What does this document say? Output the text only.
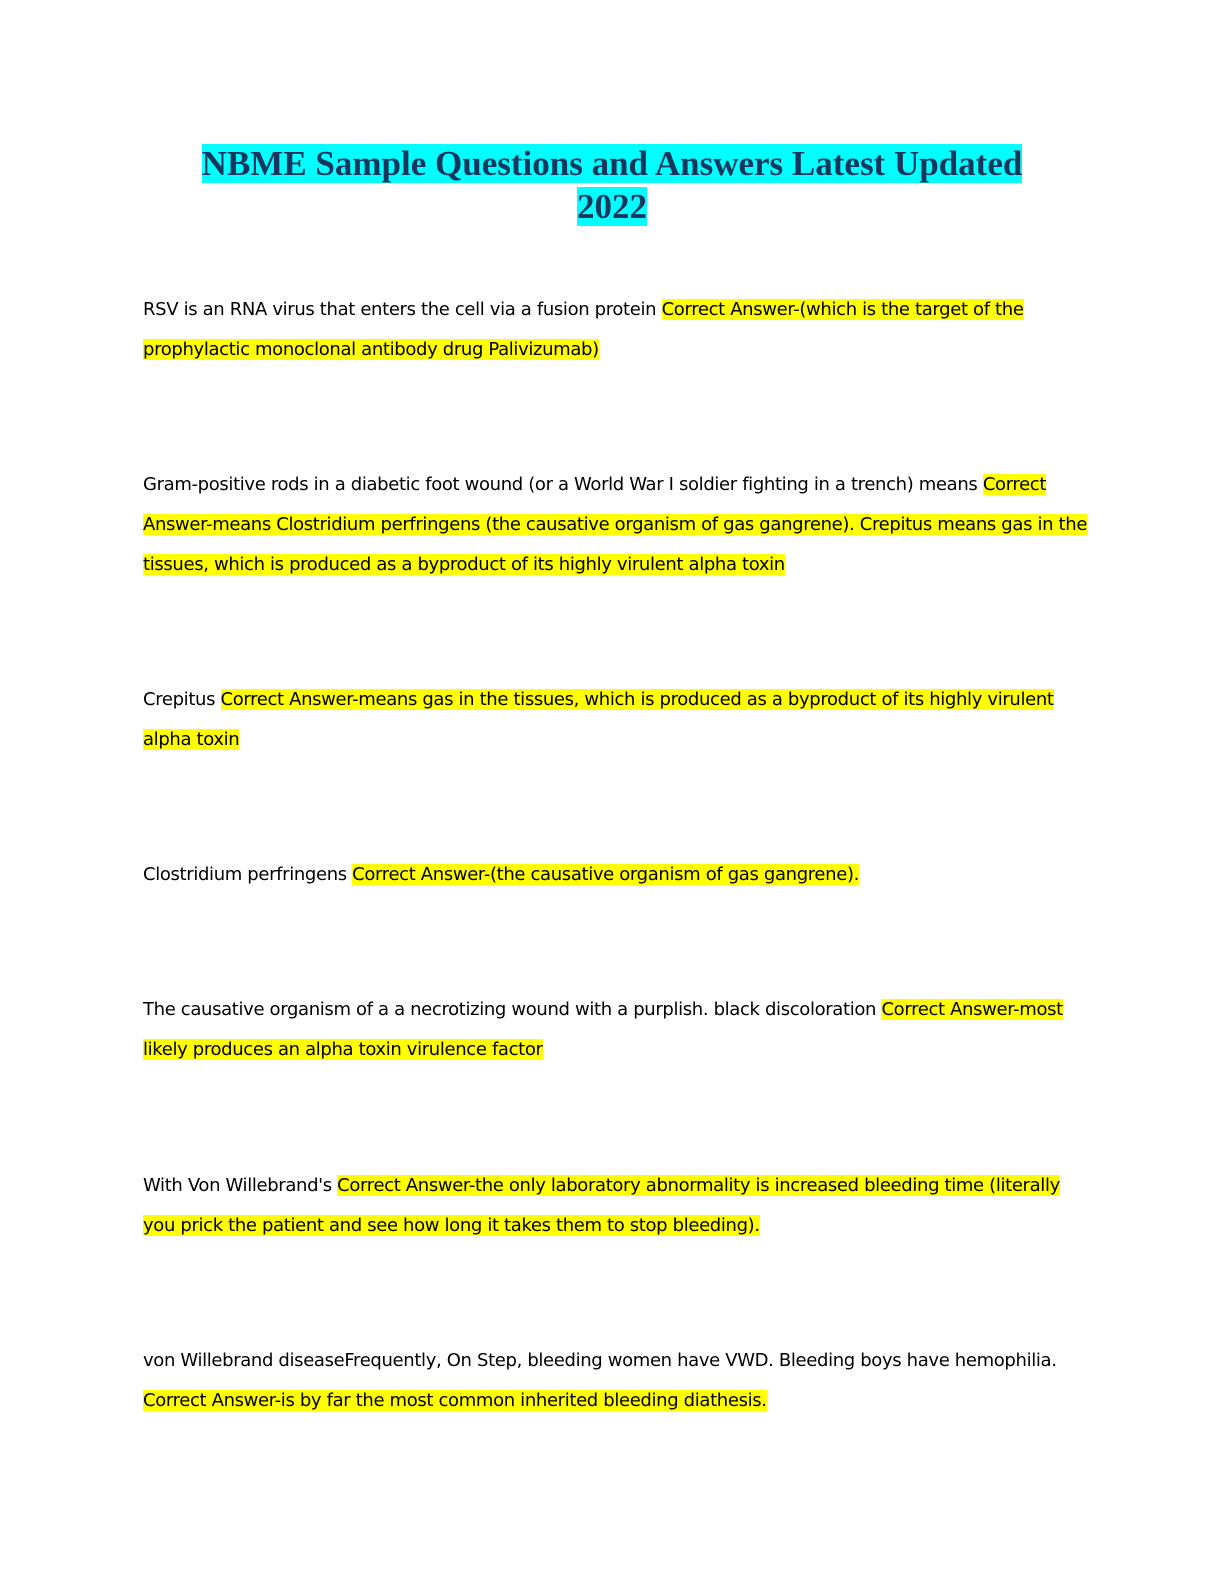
NBME Sample Questions and Answers Latest Updated
2022

RSV is an RNA virus that enters the cell via a fusion protein Correct Answer-(which is the target of the prophylactic monoclonal antibody drug Palivizumab)

Gram-positive rods in a diabetic foot wound (or a World War I soldier fighting in a trench) means Correct Answer-means Clostridium perfringens (the causative organism of gas gangrene). Crepitus means gas in the tissues, which is produced as a byproduct of its highly virulent alpha toxin

Crepitus Correct Answer-means gas in the tissues, which is produced as a byproduct of its highly virulent alpha toxin

Clostridium perfringens Correct Answer-(the causative organism of gas gangrene).

The causative organism of a a necrotizing wound with a purplish. black discoloration Correct Answer-most likely produces an alpha toxin virulence factor

With Von Willebrand's Correct Answer-the only laboratory abnormality is increased bleeding time (literally you prick the patient and see how long it takes them to stop bleeding).

von Willebrand diseaseFrequently, On Step, bleeding women have VWD. Bleeding boys have hemophilia. Correct Answer-is by far the most common inherited bleeding diathesis.
